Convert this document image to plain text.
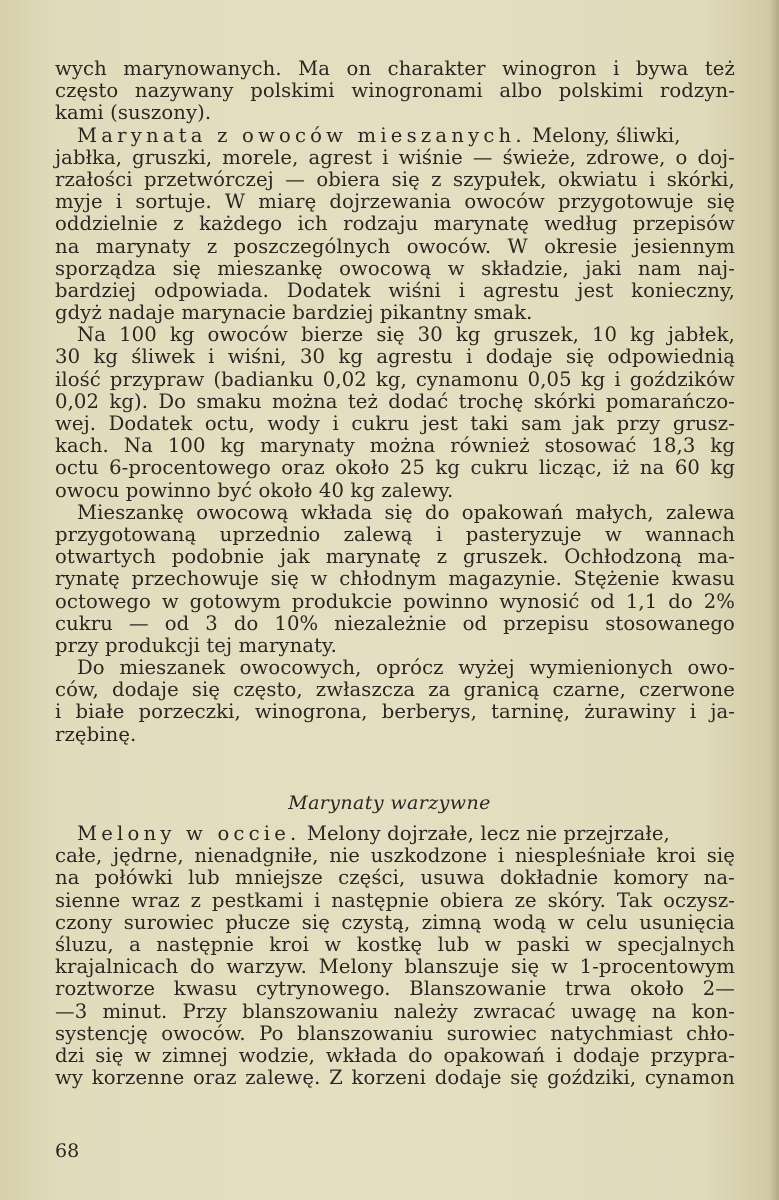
wych marynowanych. Ma on charakter winogron i bywa też
często nazywany polskimi winogronami albo polskimi rodzyn-
kami (suszony).
Marynata z owoców mieszanych. Melony, śliwki,
jabłka, gruszki, morele, agrest i wiśnie — świeże, zdrowe, o doj-
rzałości przetwórczej — obiera się z szypułek, okwiatu i skórki,
myje i sortuje. W miarę dojrzewania owoców przygotowuje się
oddzielnie z każdego ich rodzaju marynatę według przepisów
na marynaty z poszczególnych owoców. W okresie jesiennym
sporządza się mieszankę owocową w składzie, jaki nam naj-
bardziej odpowiada. Dodatek wiśni i agrestu jest konieczny,
gdyż nadaje marynacie bardziej pikantny smak.
Na 100 kg owoców bierze się 30 kg gruszek, 10 kg jabłek,
30 kg śliwek i wiśni, 30 kg agrestu i dodaje się odpowiednią
ilość przypraw (badianku 0,02 kg, cynamonu 0,05 kg i goździków
0,02 kg). Do smaku można też dodać trochę skórki pomarańczo-
wej. Dodatek octu, wody i cukru jest taki sam jak przy grusz-
kach. Na 100 kg marynaty można również stosować 18,3 kg
octu 6-procentowego oraz około 25 kg cukru licząc, iż na 60 kg
owocu powinno być około 40 kg zalewy.
Mieszankę owocową wkłada się do opakowań małych, zalewa
przygotowaną uprzednio zalewą i pasteryzuje w wannach
otwartych podobnie jak marynatę z gruszek. Ochłodzoną ma-
rynatę przechowuje się w chłodnym magazynie. Stężenie kwasu
octowego w gotowym produkcie powinno wynosić od 1,1 do 2%
cukru — od 3 do 10% niezależnie od przepisu stosowanego
przy produkcji tej marynaty.
Do mieszanek owocowych, oprócz wyżej wymienionych owo-
ców, dodaje się często, zwłaszcza za granicą czarne, czerwone
i białe porzeczki, winogrona, berberys, tarninę, żurawiny i ja-
rzębinę.
Marynaty warzywne
Melony w occie. Melony dojrzałe, lecz nie przejrzałe,
całe, jędrne, nienadgniłe, nie uszkodzone i niespleśniałe kroi się
na połówki lub mniejsze części, usuwa dokładnie komory na-
sienne wraz z pestkami i następnie obiera ze skóry. Tak oczysz-
czony surowiec płucze się czystą, zimną wodą w celu usunięcia
śluzu, a następnie kroi w kostkę lub w paski w specjalnych
krajalnicach do warzyw. Melony blanszuje się w 1-procentowym
roztworze kwasu cytrynowego. Blanszowanie trwa około 2—
—3 minut. Przy blanszowaniu należy zwracać uwagę na kon-
systencję owoców. Po blanszowaniu surowiec natychmiast chło-
dzi się w zimnej wodzie, wkłada do opakowań i dodaje przypra-
wy korzenne oraz zalewę. Z korzeni dodaje się goździki, cynamon
68
